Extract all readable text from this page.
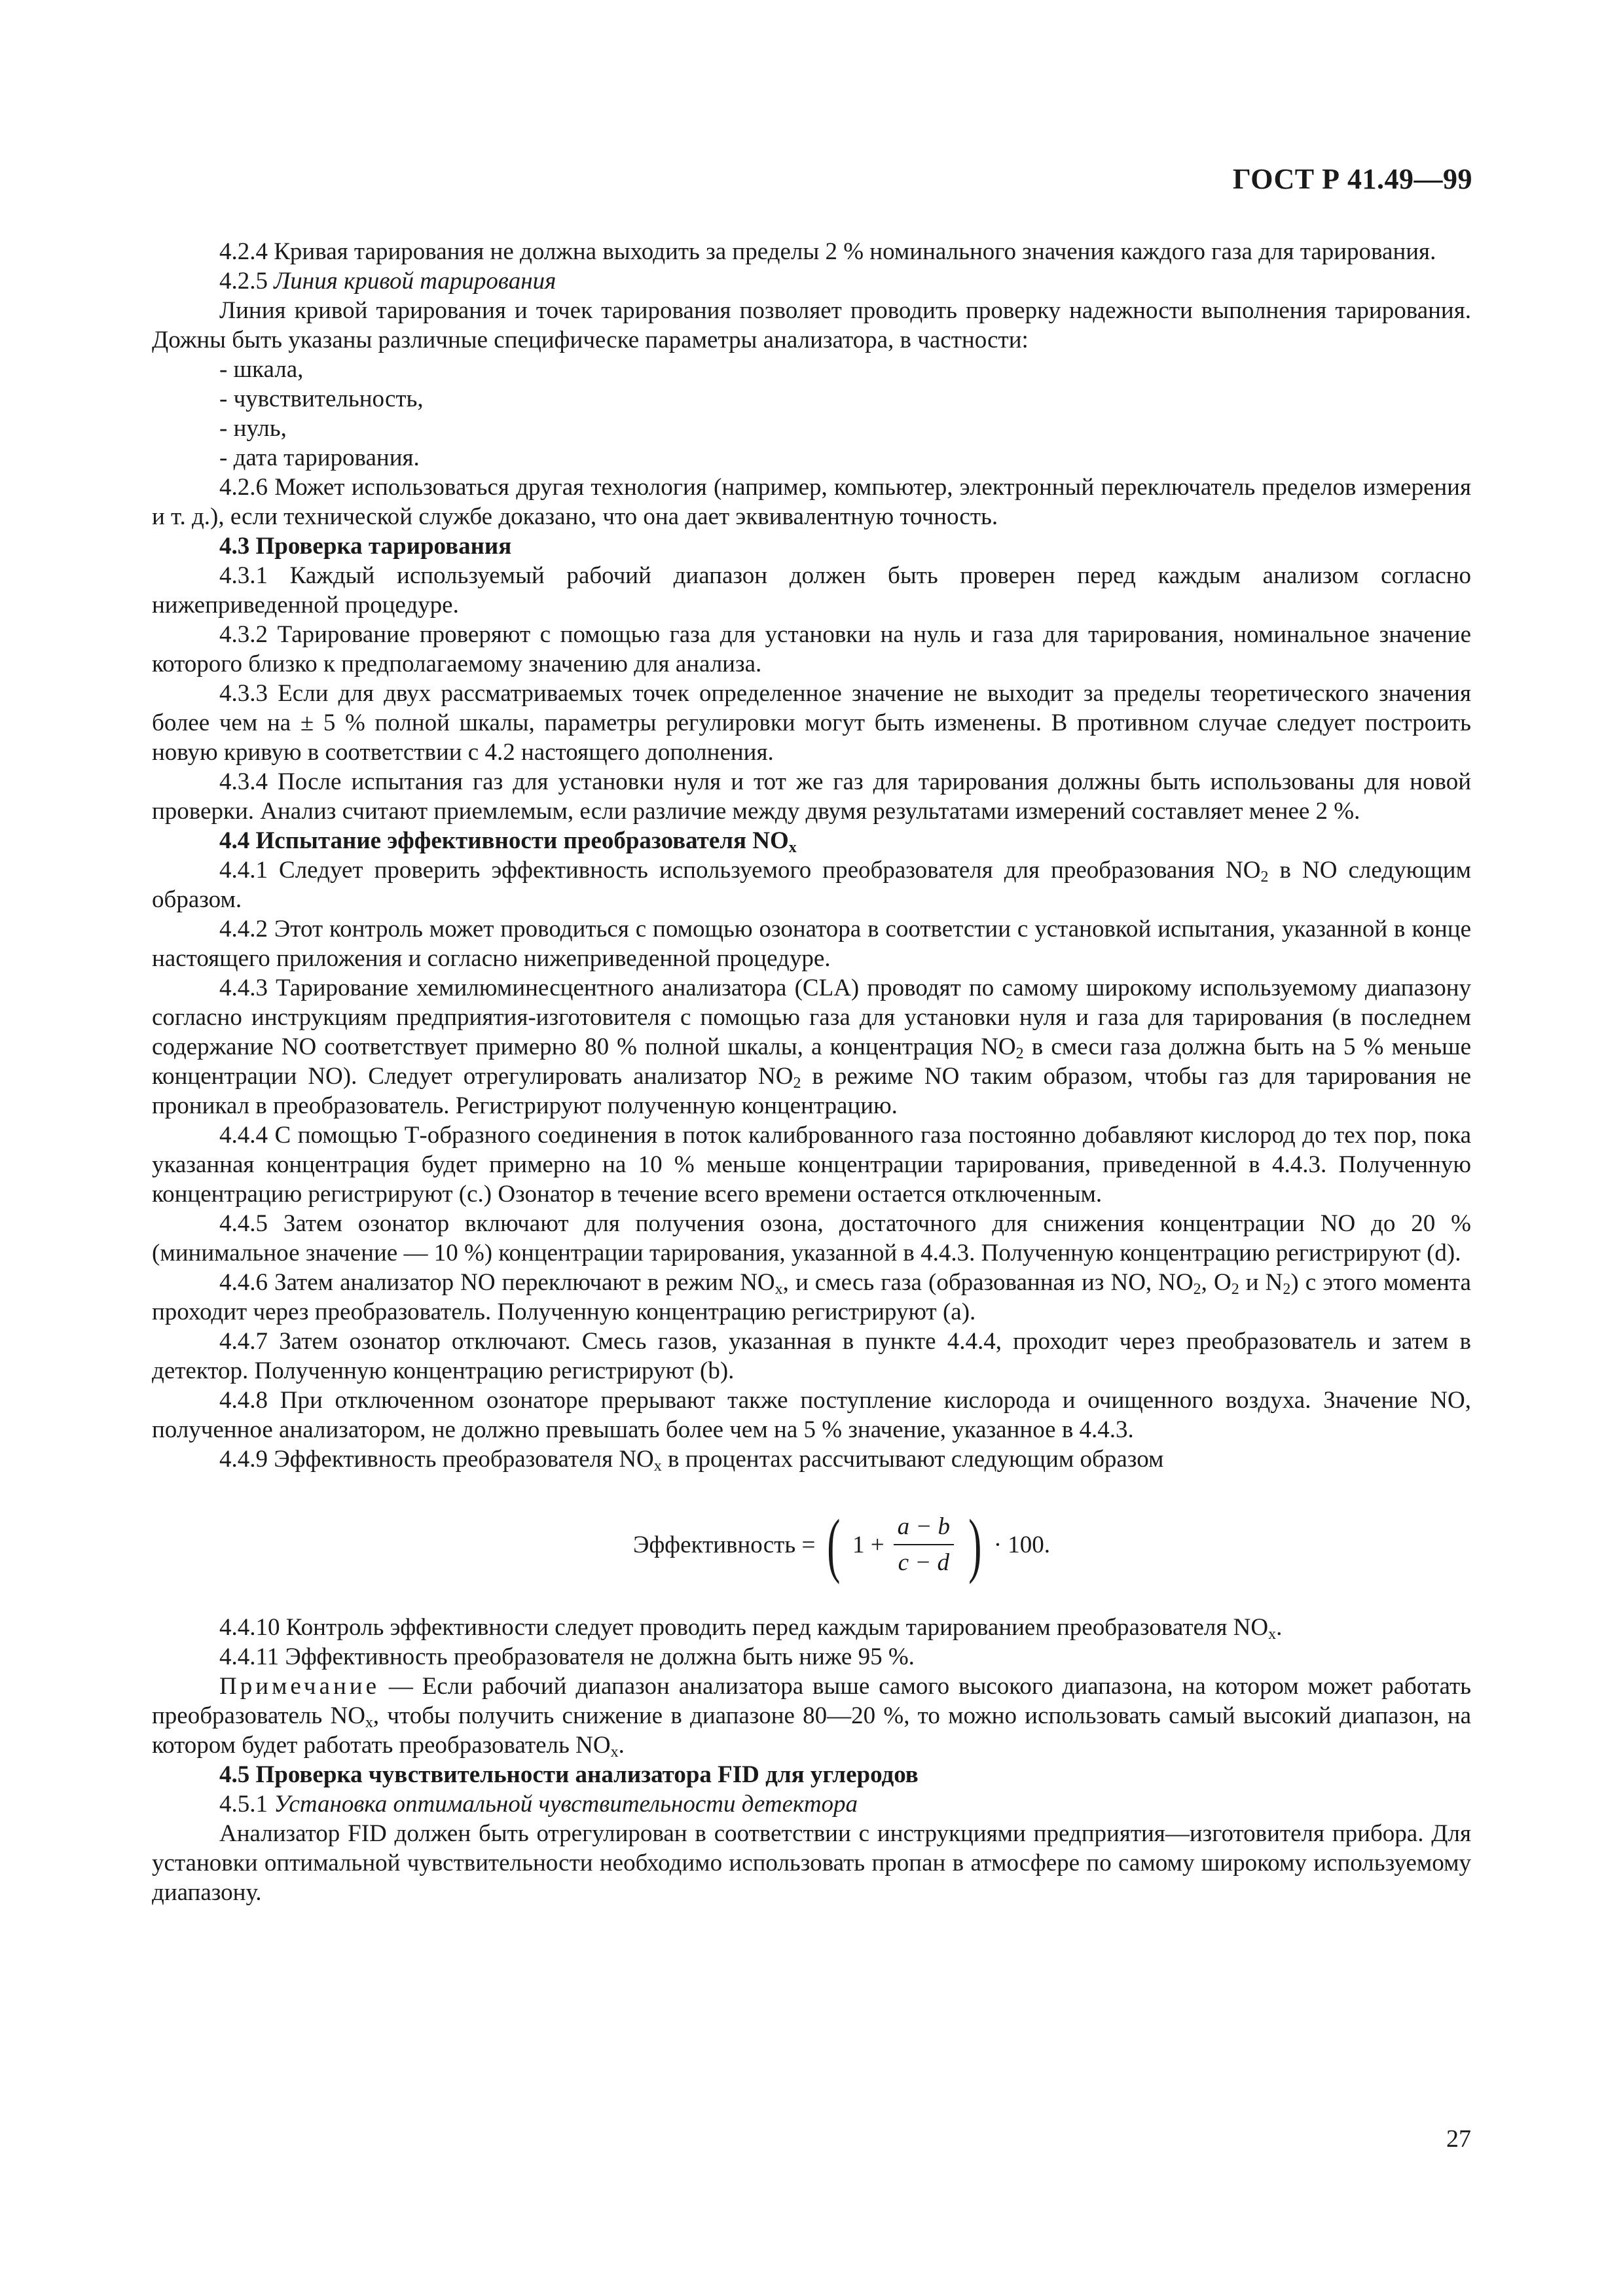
ГОСТ Р 41.49—99

4.2.4 Кривая тарирования не должна выходить за пределы 2 % номинального значения каждого газа для тарирования.

4.2.5 Линия кривой тарирования

Линия кривой тарирования и точек тарирования позволяет проводить проверку надежности выполнения тарирования. Дожны быть указаны различные специфическе параметры анализатора, в частности:

- шкала,

- чувствительность,

- нуль,

- дата тарирования.

4.2.6 Может использоваться другая технология (например, компьютер, электронный переключатель пределов измерения и т. д.), если технической службе доказано, что она дает эквивалентную точность.

4.3 Проверка тарирования

4.3.1 Каждый используемый рабочий диапазон должен быть проверен перед каждым анализом согласно нижеприведенной процедуре.

4.3.2 Тарирование проверяют с помощью газа для установки на нуль и газа для тарирования, номинальное значение которого близко к предполагаемому значению для анализа.

4.3.3 Если для двух рассматриваемых точек определенное значение не выходит за пределы теоретического значения более чем на ± 5 % полной шкалы, параметры регулировки могут быть изменены. В противном случае следует построить новую кривую в соответствии с 4.2 настоящего дополнения.

4.3.4 После испытания газ для установки нуля и тот же газ для тарирования должны быть использованы для новой проверки. Анализ считают приемлемым, если различие между двумя результатами измерений составляет менее 2 %.

4.4 Испытание эффективности преобразователя $NO_x$

4.4.1 Следует проверить эффективность используемого преобразователя для преобразования $NO_2$ в NO следующим образом.

4.4.2 Этот контроль может проводиться с помощью озонатора в соответстии с установкой испытания, указанной в конце настоящего приложения и согласно нижеприведенной процедуре.

4.4.3 Тарирование хемилюминесцентного анализатора (CLA) проводят по самому широкому используемому диапазону согласно инструкциям предприятия-изготовителя с помощью газа для установки нуля и газа для тарирования (в последнем содержание NO соответствует примерно 80 % полной шкалы, а концентрация $NO_2$ в смеси газа должна быть на 5 % меньше концентрации NO). Следует отрегулировать анализатор $NO_2$ в режиме NO таким образом, чтобы газ для тарирования не проникал в преобразователь. Регистрируют полученную концентрацию.

4.4.4 С помощью Т-образного соединения в поток калиброванного газа постоянно добавляют кислород до тех пор, пока указанная концентрация будет примерно на 10 % меньше концентрации тарирования, приведенной в 4.4.3. Полученную концентрацию регистрируют (с.) Озонатор в течение всего времени остается отключенным.

4.4.5 Затем озонатор включают для получения озона, достаточного для снижения концентрации NO до 20 % (минимальное значение — 10 %) концентрации тарирования, указанной в 4.4.3. Полученную концентрацию регистрируют (d).

4.4.6 Затем анализатор NO переключают в режим $NO_x$, и смесь газа (образованная из NO, $NO_2$, $O_2$ и $N_2$) с этого момента проходит через преобразователь. Полученную концентрацию регистрируют (а).

4.4.7 Затем озонатор отключают. Смесь газов, указанная в пункте 4.4.4, проходит через преобразователь и затем в детектор. Полученную концентрацию регистрируют (b).

4.4.8 При отключенном озонаторе прерывают также поступление кислорода и очищенного воздуха. Значение NO, полученное анализатором, не должно превышать более чем на 5 % значение, указанное в 4.4.3.

4.4.9 Эффективность преобразователя $NO_x$ в процентах рассчитывают следующим образом

Эффективность = ( $1 + \frac{a - b}{c - d}$ ) · 100.

4.4.10 Контроль эффективности следует проводить перед каждым тарированием преобразователя $NO_x$.

4.4.11 Эффективность преобразователя не должна быть ниже 95 %.

Примечание — Если рабочий диапазон анализатора выше самого высокого диапазона, на котором может работать преобразователь $NO_x$, чтобы получить снижение в диапазоне 80—20 %, то можно использовать самый высокий диапазон, на котором будет работать преобразователь $NO_x$.

4.5 Проверка чувствительности анализатора FID для углеродов

4.5.1 Установка оптимальной чувствительности детектора

Анализатор FID должен быть отрегулирован в соответствии с инструкциями предприятия—изготовителя прибора. Для установки оптимальной чувствительности необходимо использовать пропан в атмосфере по самому широкому используемому диапазону.

27
